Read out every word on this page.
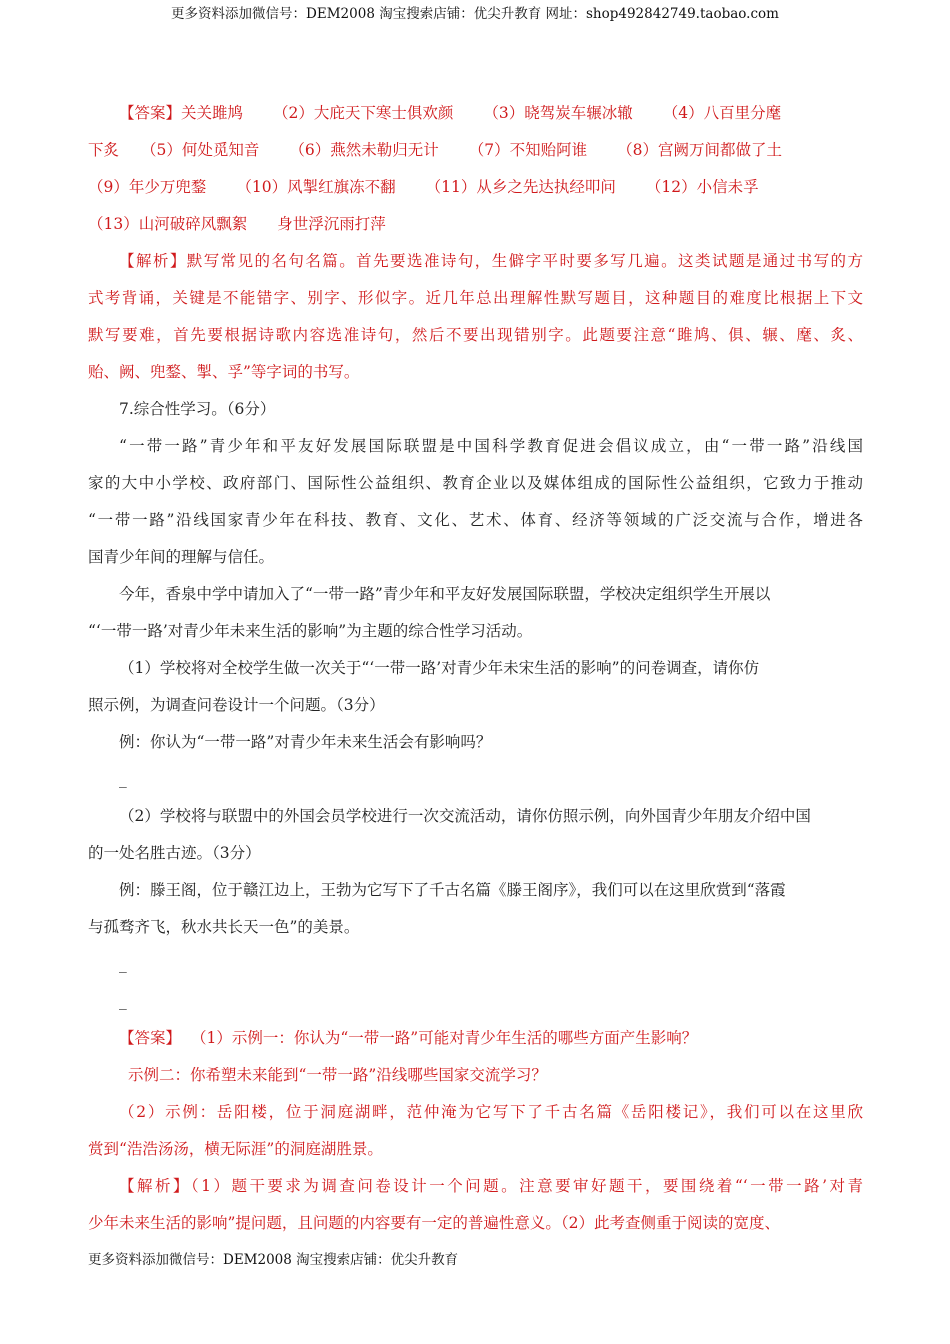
更多资料添加微信号：DEM2008 淘宝搜索店铺：优尖升教育 网址：shop492842749.taobao.com
【答案】关关雎鸠 （2）大庇天下寒士俱欢颜 （3）晓驾炭车辗冰辙 （4）八百里分麾
下炙 （5）何处觅知音 （6）燕然未勒归无计 （7）不知贻阿谁 （8）宫阙万间都做了土
（9）年少万兜鍪 （10）风掣红旗冻不翻 （11）从乡之先达执经叩问 （12）小信未孚
（13）山河破碎风飘絮 身世浮沉雨打萍
【解析】默写常见的名句名篇。首先要选准诗句，生僻字平时要多写几遍。这类试题是通过书写的方
式考背诵，关键是不能错字、别字、形似字。近几年总出理解性默写题目，这种题目的难度比根据上下文
默写要难，首先要根据诗歌内容选准诗句，然后不要出现错别字。此题要注意“雎鸠、俱、辗、麾、炙、
贻、阙、兜鍪、掣、孚”等字词的书写。
7.综合性学习。（6分）
“一带一路”青少年和平友好发展国际联盟是中国科学教育促进会倡议成立，由“一带一路”沿线国
家的大中小学校、政府部门、国际性公益组织、教育企业以及媒体组成的国际性公益组织，它致力于推动
“一带一路”沿线国家青少年在科技、教育、文化、艺术、体育、经济等领域的广泛交流与合作，增进各
国青少年间的理解与信任。
今年，香泉中学中请加入了“一带一路”青少年和平友好发展国际联盟，学校决定组织学生开展以
“‘一带一路’对青少年未来生活的影响”为主题的综合性学习活动。
（1）学校将对全校学生做一次关于“‘一带一路’对青少年未宋生活的影响”的问卷调查，请你仿
照示例，为调查问卷设计一个问题。（3分）
例：你认为“一带一路”对青少年未来生活会有影响吗？
_
（2）学校将与联盟中的外国会员学校进行一次交流活动，请你仿照示例，向外国青少年朋友介绍中国
的一处名胜古迹。（3分）
例：滕王阁，位于赣江边上，王勃为它写下了千古名篇《滕王阁序》，我们可以在这里欣赏到“落霞
与孤骛齐飞，秋水共长天一色”的美景。
_
_
【答案】 （1）示例一：你认为“一带一路”可能对青少年生活的哪些方面产生影响？
示例二：你希塑未来能到“一带一路”沿线哪些国家交流学习？
（2）示例：岳阳楼，位于洞庭湖畔，范仲淹为它写下了千古名篇《岳阳楼记》，我们可以在这里欣
赏到“浩浩汤汤，横无际涯”的洞庭湖胜景。
【解析】（1）题干要求为调查问卷设计一个问题。注意要审好题干，要围绕着“‘一带一路’对青
少年未来生活的影响”提问题，且问题的内容要有一定的普遍性意义。（2）此考查侧重于阅读的宽度、
更多资料添加微信号：DEM2008 淘宝搜索店铺：优尖升教育
